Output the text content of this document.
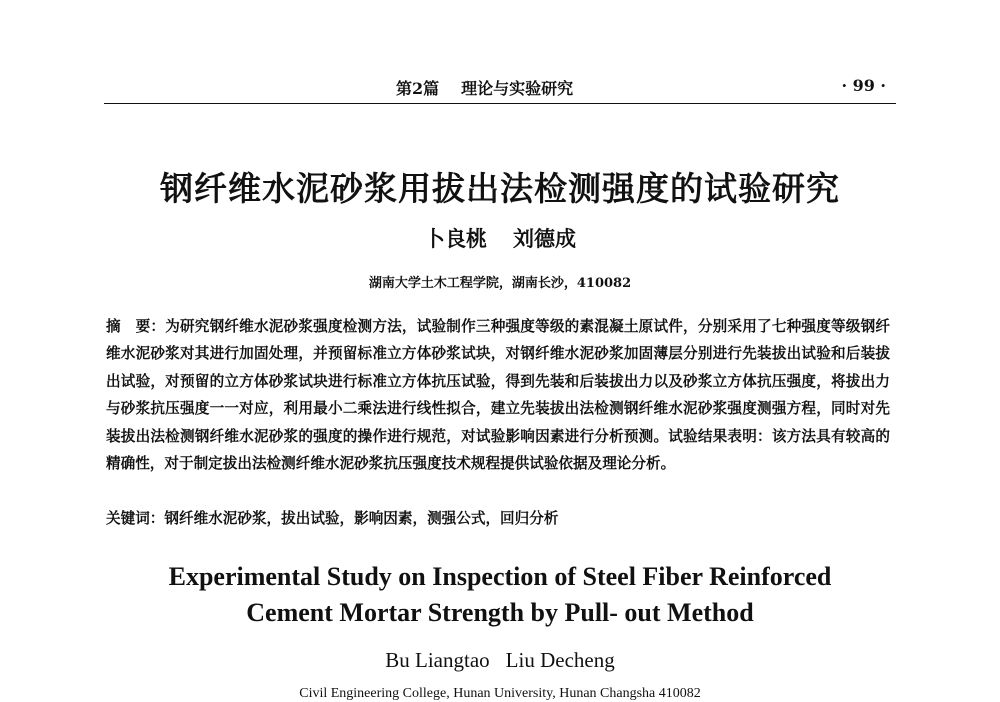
第2篇 理论与实验研究	· 99 ·
钢纤维水泥砂浆用拔出法检测强度的试验研究
卜良桃 刘德成
湖南大学土木工程学院，湖南长沙，410082
摘　要：为研究钢纤维水泥砂浆强度检测方法，试验制作三种强度等级的素混凝土原试件，分别采用了七种强度等级钢纤维水泥砂浆对其进行加固处理，并预留标准立方体砂浆试块，对钢纤维水泥砂浆加固薄层分别进行先装拔出试验和后装拔出试验，对预留的立方体砂浆试块进行标准立方体抗压试验，得到先装和后装拔出力以及砂浆立方体抗压强度，将拔出力与砂浆抗压强度一一对应，利用最小二乘法进行线性拟合，建立先装拔出法检测钢纤维水泥砂浆强度测强方程，同时对先装拔出法检测钢纤维水泥砂浆的强度的操作进行规范，对试验影响因素进行分析预测。试验结果表明：该方法具有较高的精确性，对于制定拔出法检测纤维水泥砂浆抗压强度技术规程提供试验依据及理论分析。
关键词：钢纤维水泥砂浆，拔出试验，影响因素，测强公式，回归分析
Experimental Study on Inspection of Steel Fiber Reinforced
Cement Mortar Strength by Pull- out Method
Bu Liangtao Liu Decheng
Civil Engineering College, Hunan University, Hunan Changsha 410082
